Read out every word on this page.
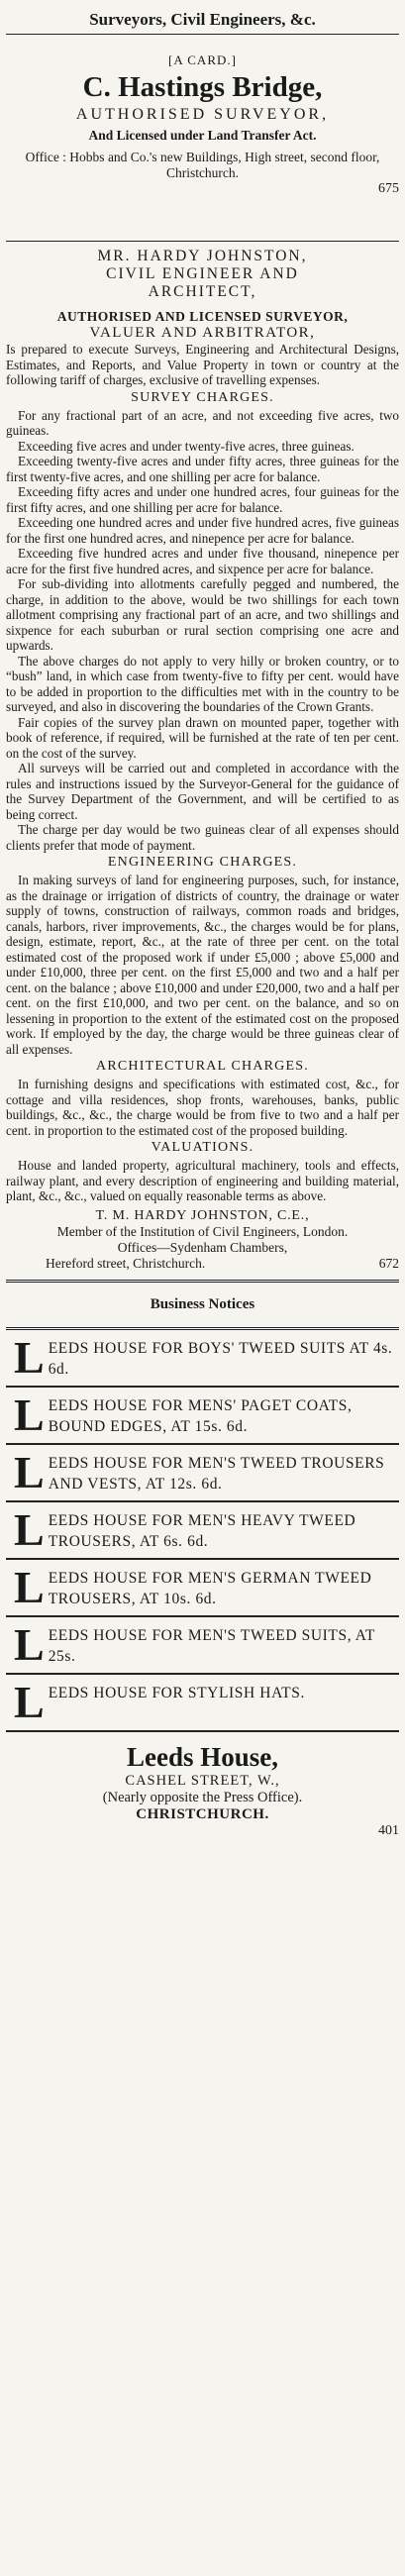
Surveyors, Civil Engineers, &c.
[A CARD.]
C. Hastings Bridge,
AUTHORISED SURVEYOR,
And Licensed under Land Transfer Act.
Office : Hobbs and Co.'s new Buildings, High street, second floor, Christchurch.
675
MR. HARDY JOHNSTON,
CIVIL ENGINEER AND
ARCHITECT,
AUTHORISED AND LICENSED SURVEYOR,
VALUER AND ARBITRATOR,

Is prepared to execute Surveys, Engineering and Architectural Designs, Estimates, and Reports, and Value Property in town or country at the following tariff of charges, exclusive of travelling expenses.

SURVEY CHARGES.

For any fractional part of an acre, and not exceeding five acres, two guineas.

Exceeding five acres and under twenty-five acres, three guineas.

Exceeding twenty-five acres and under fifty acres, three guineas for the first twenty-five acres, and one shilling per acre for balance.

Exceeding fifty acres and under one hundred acres, four guineas for the first fifty acres, and one shilling per acre for balance.

Exceeding one hundred acres and under five hundred acres, five guineas for the first one hundred acres, and ninepence per acre for balance.

Exceeding five hundred acres and under five thousand, ninepence per acre for the first five hundred acres, and sixpence per acre for balance.

For sub-dividing into allotments carefully pegged and numbered, the charge, in addition to the above, would be two shillings for each town allotment comprising any fractional part of an acre, and two shillings and sixpence for each suburban or rural section comprising one acre and upwards.

The above charges do not apply to very hilly or broken country, or to “bush” land, in which case from twenty-five to fifty per cent. would have to be added in proportion to the difficulties met with in the country to be surveyed, and also in discovering the boundaries of the Crown Grants.

Fair copies of the survey plan drawn on mounted paper, together with book of reference, if required, will be furnished at the rate of ten per cent. on the cost of the survey.

All surveys will be carried out and completed in accordance with the rules and instructions issued by the Surveyor-General for the guidance of the Survey Department of the Government, and will be certified to as being correct.

The charge per day would be two guineas clear of all expenses should clients prefer that mode of payment.

ENGINEERING CHARGES.

In making surveys of land for engineering purposes, such, for instance, as the drainage or irrigation of districts of country, the drainage or water supply of towns, construction of railways, common roads and bridges, canals, harbors, river improvements, &c., the charges would be for plans, design, estimate, report, &c., at the rate of three per cent. on the total estimated cost of the proposed work if under £5,000 ; above £5,000 and under £10,000, three per cent. on the first £5,000 and two and a half per cent. on the balance ; above £10,000 and under £20,000, two and a half per cent. on the first £10,000, and two per cent. on the balance, and so on lessening in proportion to the extent of the estimated cost on the proposed work. If employed by the day, the charge would be three guineas clear of all expenses.

ARCHITECTURAL CHARGES.

In furnishing designs and specifications with estimated cost, &c., for cottage and villa residences, shop fronts, warehouses, banks, public buildings, &c., &c., the charge would be from five to two and a half per cent. in proportion to the estimated cost of the proposed building.

VALUATIONS.

House and landed property, agricultural machinery, tools and effects, railway plant, and every description of engineering and building material, plant, &c., &c., valued on equally reasonable terms as above.

T. M. HARDY JOHNSTON, C.E.,
Member of the Institution of Civil Engineers, London.
Offices—Sydenham Chambers,
Hereford street, Christchurch.	672
Business Notices
L EEDS HOUSE FOR BOYS' TWEED SUITS AT 4s. 6d.
L EEDS HOUSE FOR MENS' PAGET COATS, BOUND EDGES, AT 15s. 6d.
L EEDS HOUSE FOR MEN'S TWEED TROUSERS AND VESTS, AT 12s. 6d.
L EEDS HOUSE FOR MEN'S HEAVY TWEED TROUSERS, AT 6s. 6d.
L EEDS HOUSE FOR MEN'S GERMAN TWEED TROUSERS, AT 10s. 6d.
L EEDS HOUSE FOR MEN'S TWEED SUITS, AT 25s.
L EEDS HOUSE FOR STYLISH HATS.
Leeds House,
CASHEL STREET, W.,
(Nearly opposite the Press Office).
CHRISTCHURCH.
401
